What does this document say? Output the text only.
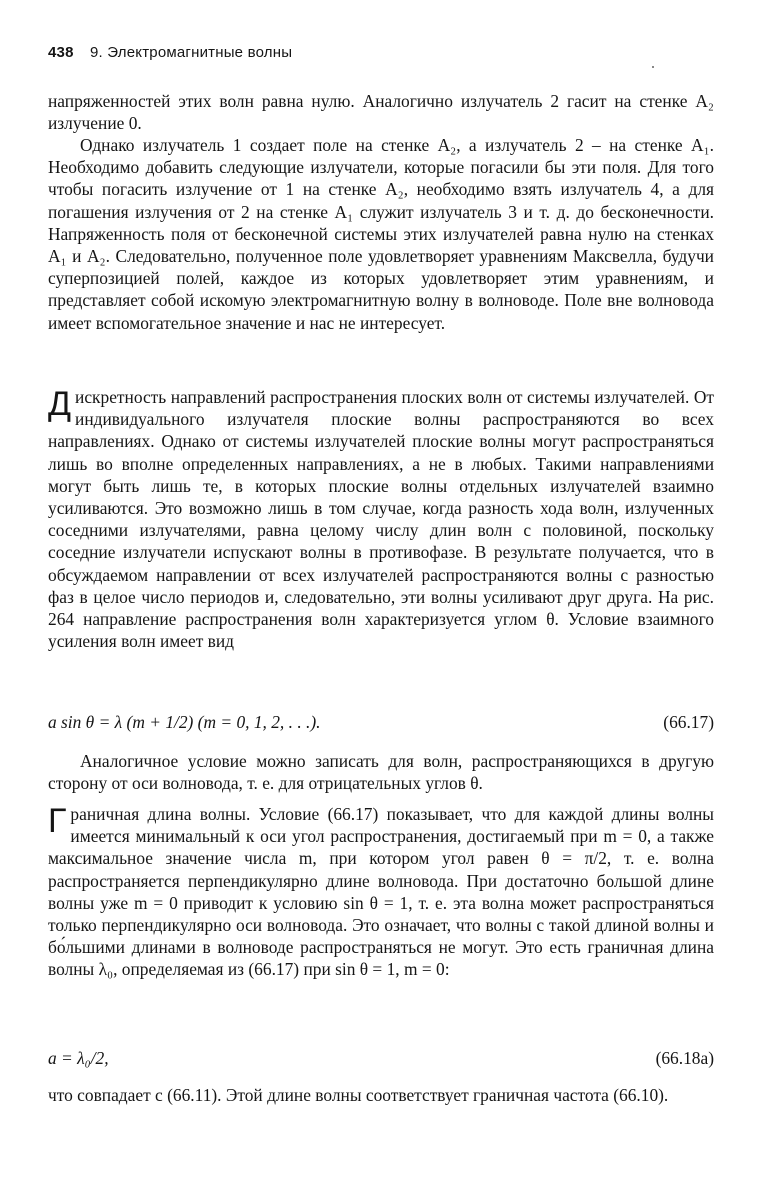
438 9. Электромагнитные волны
напряженностей этих волн равна нулю. Аналогично излучатель 2 гасит на стенке A₂ излучение 0.
Однако излучатель 1 создает поле на стенке A₂, а излучатель 2 – на стенке A₁. Необходимо добавить следующие излучатели, которые погасили бы эти поля. Для того чтобы погасить излучение от 1 на стенке A₂, необходимо взять излучатель 4, а для погашения излучения от 2 на стенке A₁ служит излучатель 3 и т. д. до бесконечности. Напряженность поля от бесконечной системы этих излучателей равна нулю на стенках A₁ и A₂. Следовательно, полученное поле удовлетворяет уравнениям Максвелла, будучи суперпозицией полей, каждое из которых удовлетворяет этим уравнениям, и представляет собой искомую электромагнитную волну в волноводе. Поле вне волновода имеет вспомогательное значение и нас не интересует.
Д искретность направлений распространения плоских волн от системы излучателей. От индивидуального излучателя плоские волны распространяются во всех направлениях. Однако от системы излучателей плоские волны могут распространяться лишь во вполне определенных направлениях, а не в любых. Такими направлениями могут быть лишь те, в которых плоские волны отдельных излучателей взаимно усиливаются. Это возможно лишь в том случае, когда разность хода волн, излученных соседними излучателями, равна целому числу длин волн с половиной, поскольку соседние излучатели испускают волны в противофазе. В результате получается, что в обсуждаемом направлении от всех излучателей распространяются волны с разностью фаз в целое число периодов и, следовательно, эти волны усиливают друг друга. На рис. 264 направление распространения волн характеризуется углом θ. Условие взаимного усиления волн имеет вид
a sin θ = λ (m + 1/2) (m = 0, 1, 2, . . .).	(66.17)
Аналогичное условие можно записать для волн, распространяющихся в другую сторону от оси волновода, т. е. для отрицательных углов θ.
Г раничная длина волны. Условие (66.17) показывает, что для каждой длины волны имеется минимальный к оси угол распространения, достигаемый при m = 0, а также максимальное значение числа m, при котором угол равен θ = π/2, т. е. волна распространяется перпендикулярно длине волновода. При достаточно большой длине волны уже m = 0 приводит к условию sin θ = 1, т. е. эта волна может распространяться только перпендикулярно оси волновода. Это означает, что волны с такой длиной волны и бо́льшими длинами в волноводе распространяться не могут. Это есть граничная длина волны λ₀, определяемая из (66.17) при sin θ = 1, m = 0:
a = λ₀/2,	(66.18a)
что совпадает с (66.11). Этой длине волны соответствует граничная частота (66.10).
